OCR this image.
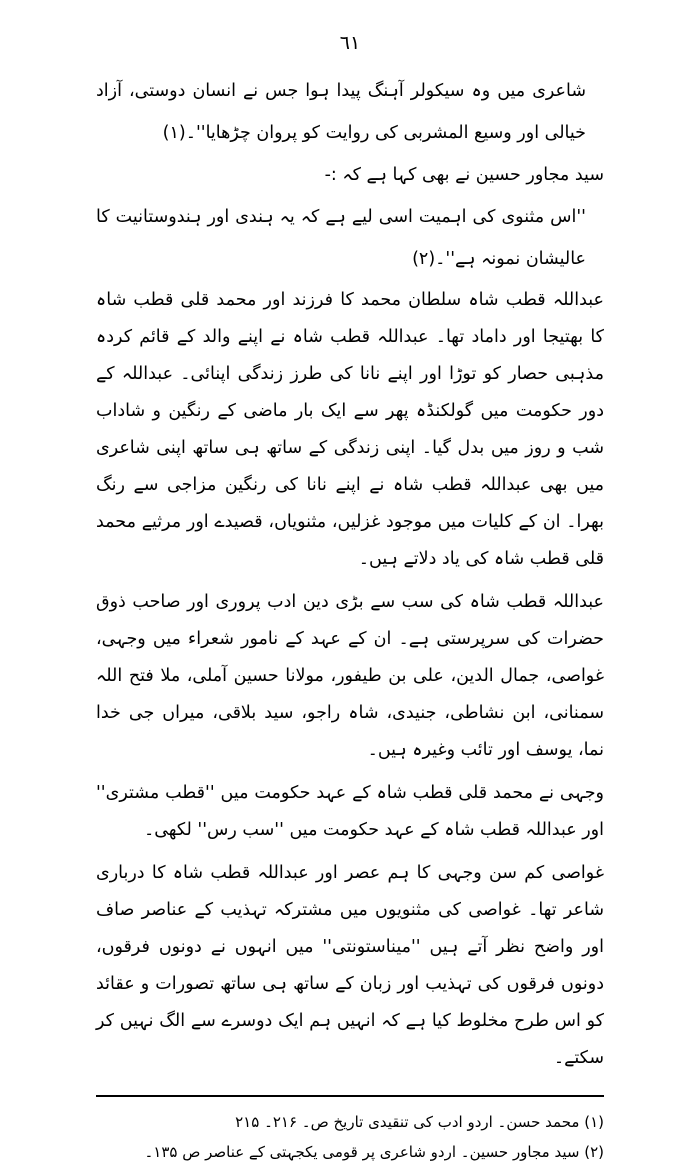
٦١

شاعری میں وہ سیکولر آہنگ پیدا ہوا جس نے انسان دوستی، آزاد خیالی اور وسیع المشربی کی روایت کو پروان چڑھایا''۔(۱)

سید مجاور حسین نے بھی کہا ہے کہ :-

''اس مثنوی کی اہمیت اسی لیے ہے کہ یہ ہندی اور ہندوستانیت کا عالیشان نمونہ ہے''۔(۲)

عبداللہ قطب شاہ سلطان محمد کا فرزند اور محمد قلی قطب شاہ کا بھتیجا اور داماد تھا۔ عبداللہ قطب شاہ نے اپنے والد کے قائم کردہ مذہبی حصار کو توڑا اور اپنے نانا کی طرز زندگی اپنائی۔ عبداللہ کے دور حکومت میں گولکنڈہ پھر سے ایک بار ماضی کے رنگین و شاداب شب و روز میں بدل گیا۔ اپنی زندگی کے ساتھ ہی ساتھ اپنی شاعری میں بھی عبداللہ قطب شاہ نے اپنے نانا کی رنگین مزاجی سے رنگ بھرا۔ ان کے کلیات میں موجود غزلیں، مثنویاں، قصیدے اور مرثیے محمد قلی قطب شاہ کی یاد دلاتے ہیں۔

عبداللہ قطب شاہ کی سب سے بڑی دین ادب پروری اور صاحب ذوق حضرات کی سرپرستی ہے۔ ان کے عہد کے نامور شعراء میں وجہی، غواصی، جمال الدین، علی بن طیفور، مولانا حسین آملی، ملا فتح اللہ سمنانی، ابن نشاطی، جنیدی، شاہ راجو، سید بلاقی، میراں جی خدا نما، یوسف اور تائب وغیرہ ہیں۔

وجہی نے محمد قلی قطب شاہ کے عہد حکومت میں ''قطب مشتری'' اور عبداللہ قطب شاہ کے عہد حکومت میں ''سب رس'' لکھی۔

غواصی کم سن وجہی کا ہم عصر اور عبداللہ قطب شاہ کا درباری شاعر تھا۔ غواصی کی مثنویوں میں مشترکہ تہذیب کے عناصر صاف اور واضح نظر آتے ہیں ''میناستونتی'' میں انہوں نے دونوں فرقوں، دونوں فرقوں کی تہذیب اور زبان کے ساتھ ہی ساتھ تصورات و عقائد کو اس طرح مخلوط کیا ہے کہ انہیں ہم ایک دوسرے سے الگ نہیں کر سکتے۔

(۱) محمد حسن۔ اردو ادب کی تنقیدی تاریخ ص۔ ۲۱۶۔ ۲۱۵

(۲) سید مجاور حسین۔ اردو شاعری پر قومی یکجہتی کے عناصر ص ۱۳۵۔
